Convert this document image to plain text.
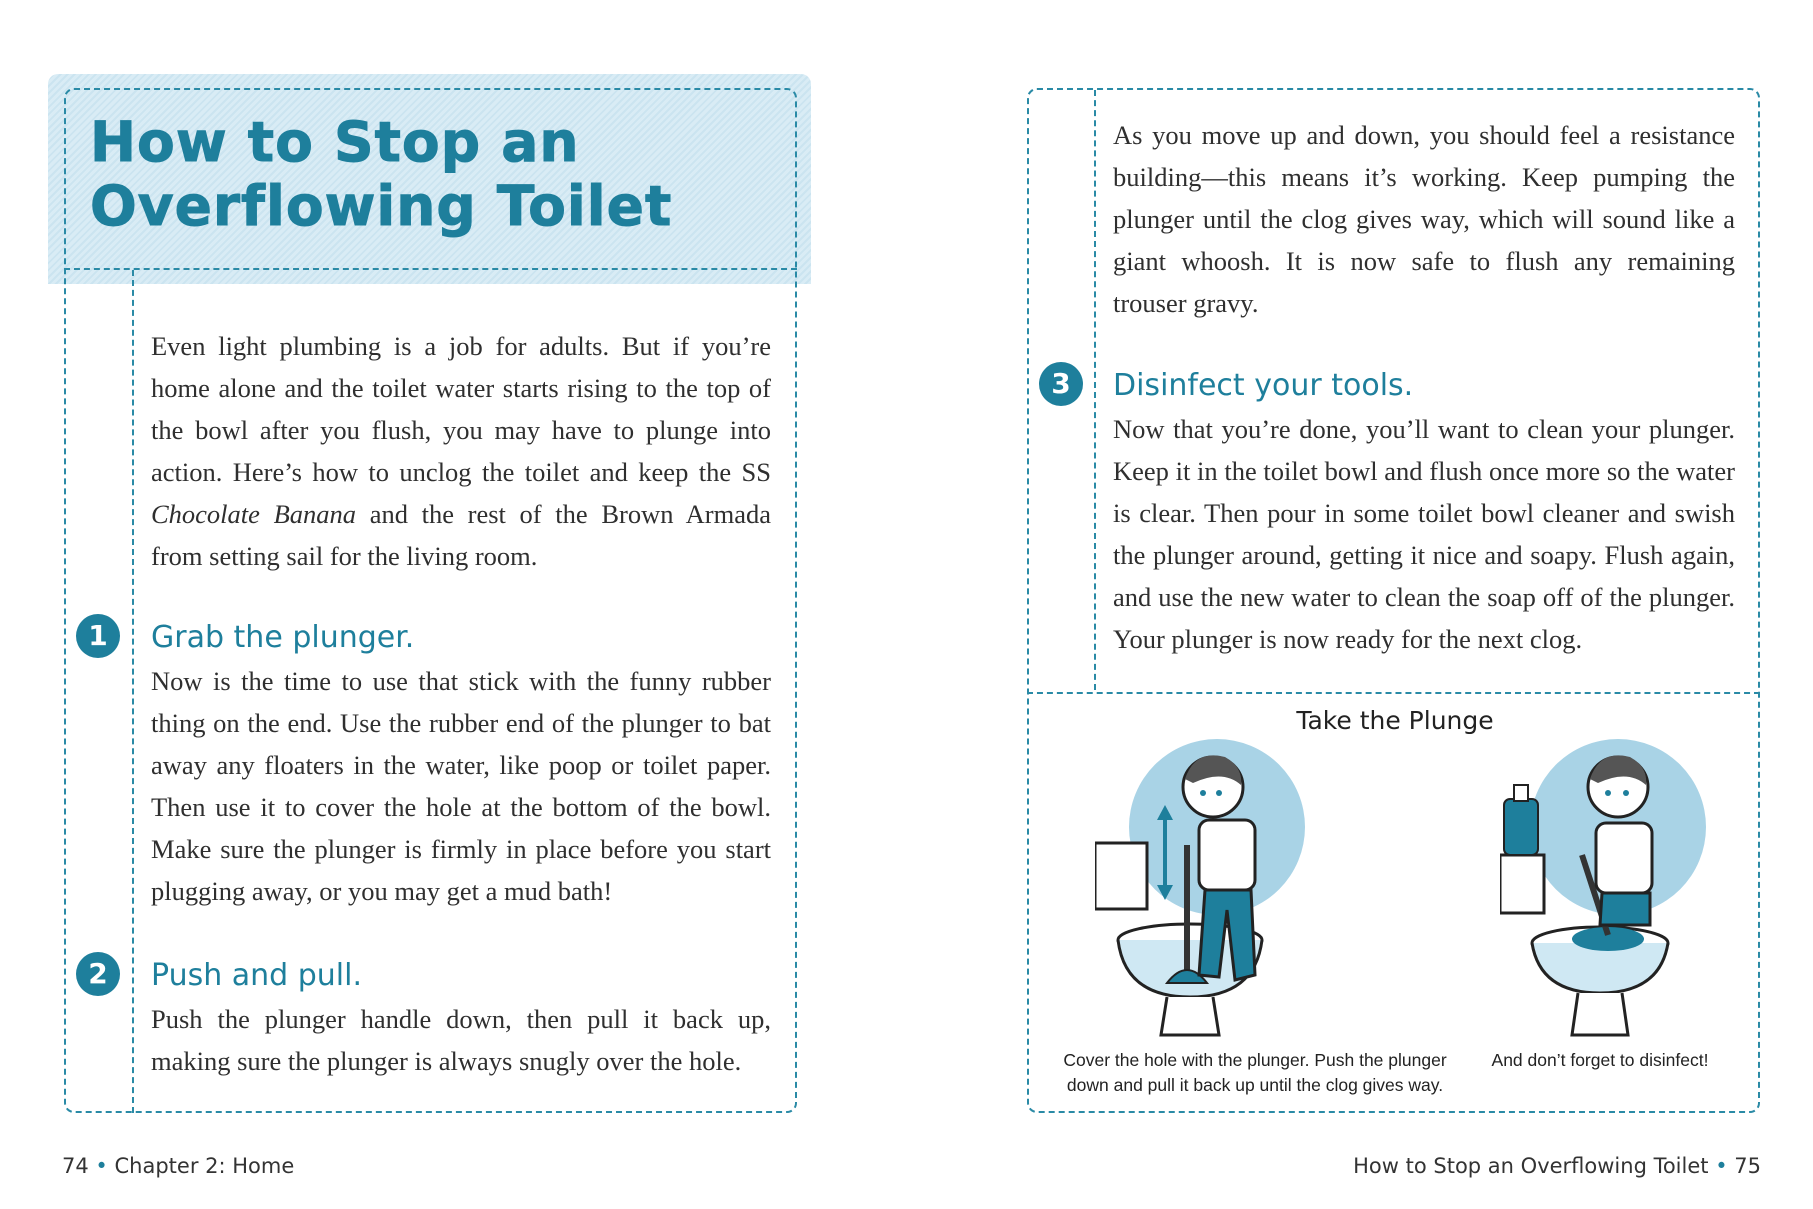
How to Stop an Overflowing Toilet

Even light plumbing is a job for adults. But if you’re home alone and the toilet water starts rising to the top of the bowl after you flush, you may have to plunge into action. Here’s how to unclog the toilet and keep the SS Chocolate Banana and the rest of the Brown Armada from setting sail for the living room.

1	Grab the plunger.

Now is the time to use that stick with the funny rubber thing on the end. Use the rubber end of the plunger to bat away any floaters in the water, like poop or toilet paper. Then use it to cover the hole at the bottom of the bowl. Make sure the plunger is firmly in place before you start plugging away, or you may get a mud bath!

2	Push and pull.

Push the plunger handle down, then pull it back up, making sure the plunger is always snugly over the hole.

74 • Chapter 2: Home

As you move up and down, you should feel a resistance building—this means it’s working. Keep pumping the plunger until the clog gives way, which will sound like a giant whoosh. It is now safe to flush any remaining trouser gravy.

3	Disinfect your tools.

Now that you’re done, you’ll want to clean your plunger. Keep it in the toilet bowl and flush once more so the water is clear. Then pour in some toilet bowl cleaner and swish the plunger around, getting it nice and soapy. Flush again, and use the new water to clean the soap off of the plunger. Your plunger is now ready for the next clog.

Take the Plunge
Cover the hole with the plunger. Push the plunger down and pull it back up until the clog gives way.
And don’t forget to disinfect!
How to Stop an Overflowing Toilet • 75
